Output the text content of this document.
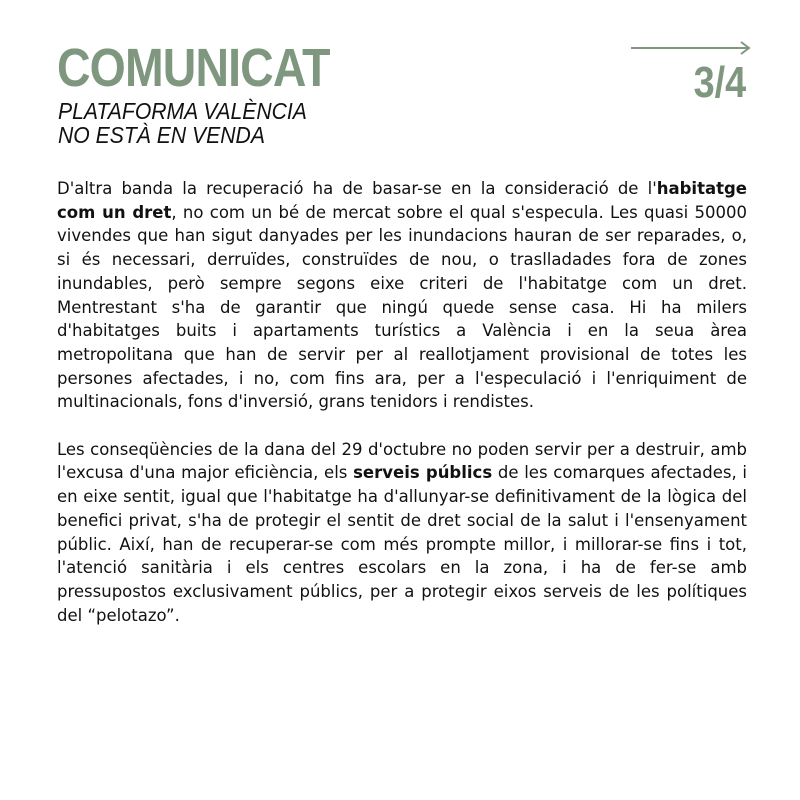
COMUNICAT
PLATAFORMA VALÈNCIA
NO ESTÀ EN VENDA
3/4

D'altra banda la recuperació ha de basar-se en la consideració de l'habitatge com un dret, no com un bé de mercat sobre el qual s'especula. Les quasi 50000 vivendes que han sigut danyades per les inundacions hauran de ser reparades, o, si és necessari, derruïdes, construïdes de nou, o traslladades fora de zones inundables, però sempre segons eixe criteri de l'habitatge com un dret. Mentrestant s'ha de garantir que ningú quede sense casa. Hi ha milers d'habitatges buits i apartaments turístics a València i en la seua àrea metropolitana que han de servir per al reallotjament provisional de totes les persones afectades, i no, com fins ara, per a l'especulació i l'enriquiment de multinacionals, fons d'inversió, grans tenidors i rendistes.

Les conseqüències de la dana del 29 d'octubre no poden servir per a destruir, amb l'excusa d'una major eficiència, els serveis públics de les comarques afectades, i en eixe sentit, igual que l'habitatge ha d'allunyar-se definitivament de la lògica del benefici privat, s'ha de protegir el sentit de dret social de la salut i l'ensenyament públic. Així, han de recuperar-se com més prompte millor, i millorar-se fins i tot, l'atenció sanitària i els centres escolars en la zona, i ha de fer-se amb pressupostos exclusivament públics, per a protegir eixos serveis de les polítiques del “pelotazo”.
